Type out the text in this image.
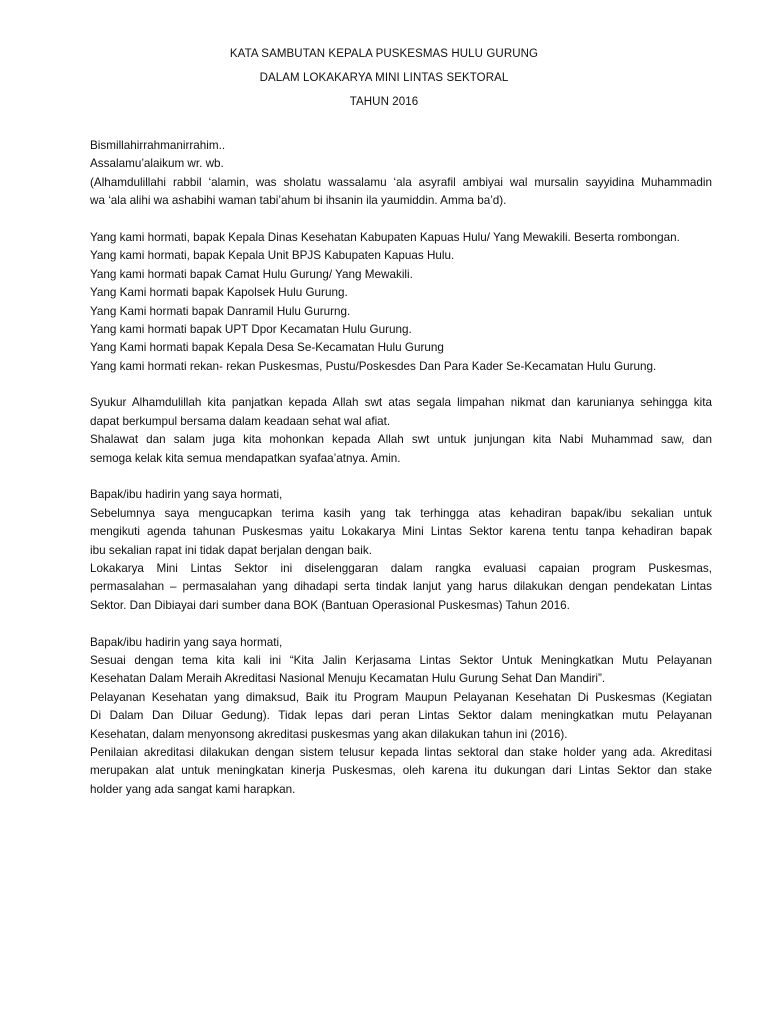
KATA SAMBUTAN KEPALA PUSKESMAS HULU GURUNG
DALAM LOKAKARYA MINI LINTAS SEKTORAL
TAHUN 2016
Bismillahirrahmanirrahim..
Assalamu’alaikum wr. wb.
(Alhamdulillahi rabbil ‘alamin, was sholatu wassalamu ‘ala asyrafil ambiyai wal mursalin sayyidina Muhammadin
wa ‘ala alihi wa ashabihi waman tabi’ahum bi ihsanin ila yaumiddin. Amma ba’d).
Yang kami hormati, bapak Kepala Dinas Kesehatan Kabupaten Kapuas Hulu/ Yang Mewakili. Beserta rombongan.
Yang kami hormati, bapak Kepala Unit BPJS Kabupaten Kapuas Hulu.
Yang kami hormati bapak Camat Hulu Gurung/ Yang Mewakili.
Yang Kami hormati bapak Kapolsek Hulu Gurung.
Yang Kami hormati bapak Danramil Hulu Gururng.
Yang kami hormati bapak UPT Dpor Kecamatan Hulu Gurung.
Yang Kami hormati bapak Kepala Desa Se-Kecamatan Hulu Gurung
Yang kami hormati rekan- rekan Puskesmas, Pustu/Poskesdes Dan Para Kader Se-Kecamatan Hulu Gurung.
Syukur Alhamdulillah kita panjatkan kepada Allah swt atas segala limpahan nikmat dan karunianya sehingga kita
dapat berkumpul bersama dalam keadaan sehat wal afiat.
Shalawat dan salam juga kita mohonkan kepada Allah swt untuk junjungan kita Nabi Muhammad saw, dan
semoga kelak kita semua mendapatkan syafaa’atnya. Amin.
Bapak/ibu hadirin yang saya hormati,
Sebelumnya saya mengucapkan terima kasih yang tak terhingga atas kehadiran bapak/ibu sekalian untuk
mengikuti agenda tahunan Puskesmas yaitu Lokakarya Mini Lintas Sektor karena tentu tanpa kehadiran bapak
ibu sekalian rapat ini tidak dapat berjalan dengan baik.
Lokakarya Mini Lintas Sektor ini diselenggaran dalam rangka evaluasi capaian program Puskesmas,
permasalahan – permasalahan yang dihadapi serta tindak lanjut yang harus dilakukan dengan pendekatan Lintas
Sektor. Dan Dibiayai dari sumber dana BOK (Bantuan Operasional Puskesmas) Tahun 2016.
Bapak/ibu hadirin yang saya hormati,
Sesuai dengan tema kita kali ini “Kita Jalin Kerjasama Lintas Sektor Untuk Meningkatkan Mutu Pelayanan
Kesehatan Dalam Meraih Akreditasi Nasional Menuju Kecamatan Hulu Gurung Sehat Dan Mandiri”.
Pelayanan Kesehatan yang dimaksud, Baik itu Program Maupun Pelayanan Kesehatan Di Puskesmas (Kegiatan
Di Dalam Dan Diluar Gedung). Tidak lepas dari peran Lintas Sektor dalam meningkatkan mutu Pelayanan
Kesehatan, dalam menyonsong akreditasi puskesmas yang akan dilakukan tahun ini (2016).
Penilaian akreditasi dilakukan dengan sistem telusur kepada lintas sektoral dan stake holder yang ada. Akreditasi
merupakan alat untuk meningkatan kinerja Puskesmas, oleh karena itu dukungan dari Lintas Sektor dan stake
holder yang ada sangat kami harapkan.
